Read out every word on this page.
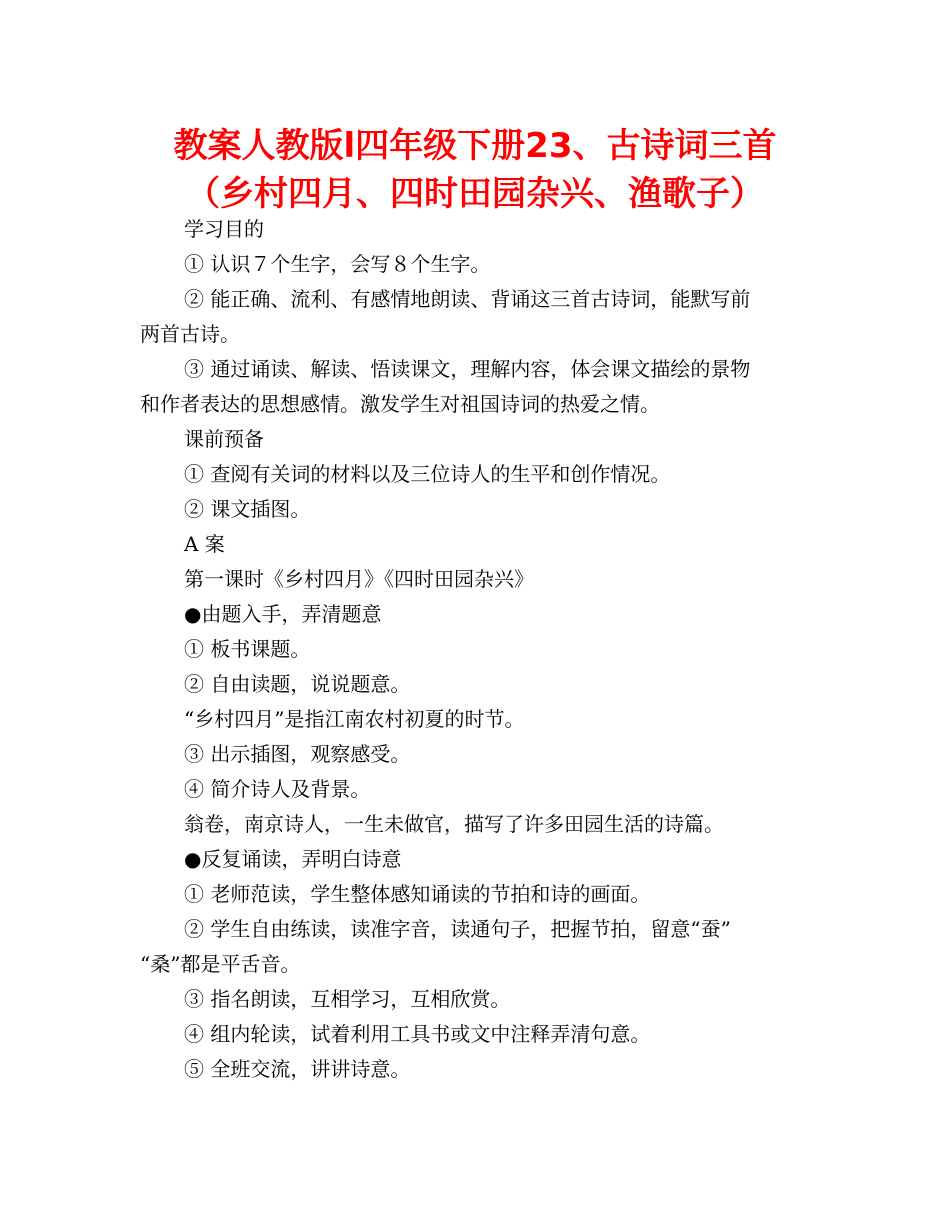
教案人教版l四年级下册23、古诗词三首
（乡村四月、四时田园杂兴、渔歌子）
学习目的
① 认识７个生字，会写８个生字。
② 能正确、流利、有感情地朗读、背诵这三首古诗词，能默写前
两首古诗。
③ 通过诵读、解读、悟读课文，理解内容，体会课文描绘的景物
和作者表达的思想感情。激发学生对祖国诗词的热爱之情。
课前预备
① 查阅有关词的材料以及三位诗人的生平和创作情况。
② 课文插图。
A 案
第一课时《乡村四月》《四时田园杂兴》
●由题入手，弄清题意
① 板书课题。
② 自由读题，说说题意。
“乡村四月”是指江南农村初夏的时节。
③ 出示插图，观察感受。
④ 简介诗人及背景。
翁卷，南京诗人，一生未做官，描写了许多田园生活的诗篇。
●反复诵读，弄明白诗意
① 老师范读，学生整体感知诵读的节拍和诗的画面。
② 学生自由练读，读准字音，读通句子，把握节拍，留意“蚕”
“桑”都是平舌音。
③ 指名朗读，互相学习，互相欣赏。
④ 组内轮读，试着利用工具书或文中注释弄清句意。
⑤ 全班交流，讲讲诗意。
